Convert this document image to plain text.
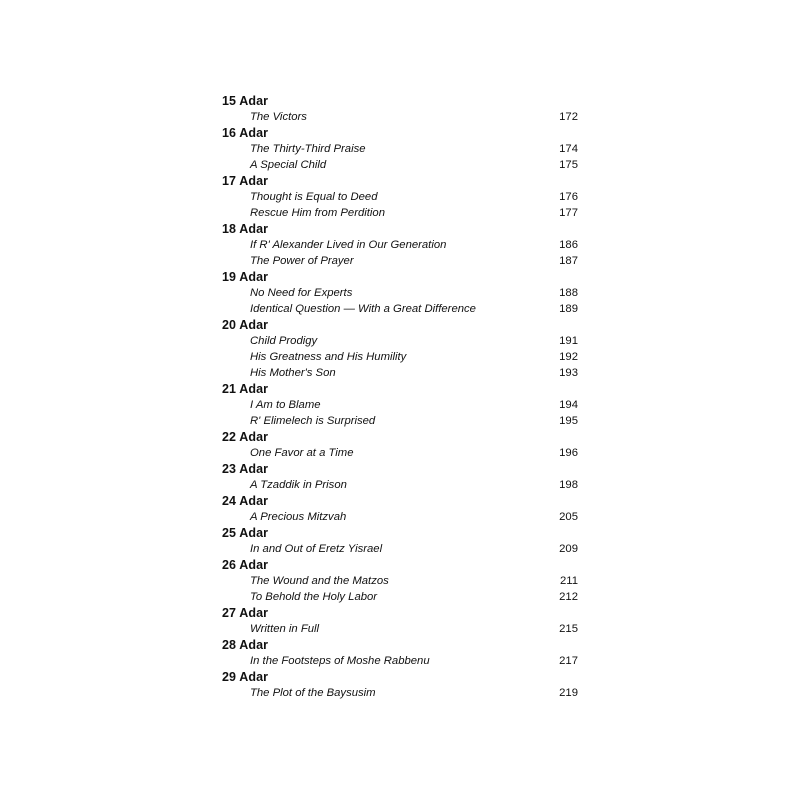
15 Adar
The Victors	172
16 Adar
The Thirty-Third Praise	174
A Special Child	175
17 Adar
Thought is Equal to Deed	176
Rescue Him from Perdition	177
18 Adar
If R' Alexander Lived in Our Generation	186
The Power of Prayer	187
19 Adar
No Need for Experts	188
Identical Question — With a Great Difference	189
20 Adar
Child Prodigy	191
His Greatness and His Humility	192
His Mother's Son	193
21 Adar
I Am to Blame	194
R' Elimelech is Surprised	195
22 Adar
One Favor at a Time	196
23 Adar
A Tzaddik in Prison	198
24 Adar
A Precious Mitzvah	205
25 Adar
In and Out of Eretz Yisrael	209
26 Adar
The Wound and the Matzos	211
To Behold the Holy Labor	212
27 Adar
Written in Full	215
28 Adar
In the Footsteps of Moshe Rabbenu	217
29 Adar
The Plot of the Baysusim	219
